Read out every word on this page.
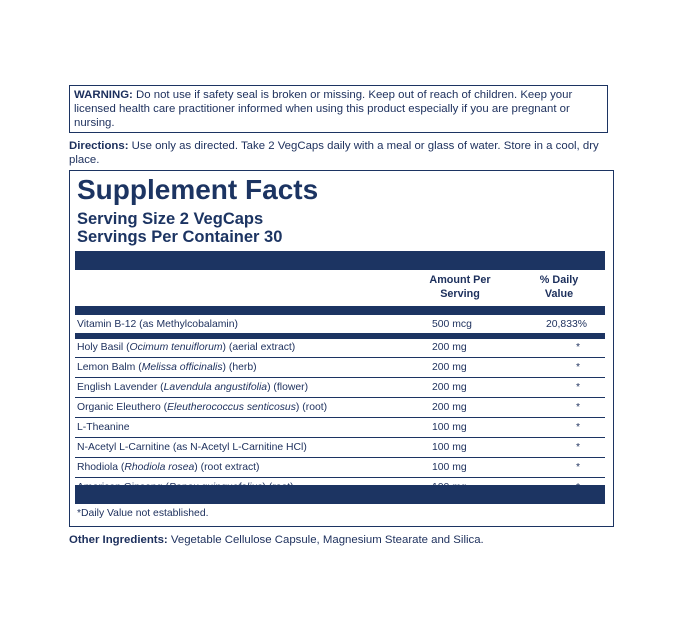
WARNING: Do not use if safety seal is broken or missing. Keep out of reach of children. Keep your licensed health care practitioner informed when using this product especially if you are pregnant or nursing.
Directions: Use only as directed. Take 2 VegCaps daily with a meal or glass of water. Store in a cool, dry place.
Supplement Facts
Serving Size 2 VegCaps
Servings Per Container 30
Amount Per
Serving
% Daily
Value
Vitamin B-12 (as Methylcobalamin)	500 mcg	20,833%
Holy Basil (Ocimum tenuiflorum) (aerial extract)	200 mg	*
Lemon Balm (Melissa officinalis) (herb)	200 mg	*
English Lavender (Lavendula angustifolia) (flower)	200 mg	*
Organic Eleuthero (Eleutherococcus senticosus) (root)	200 mg	*
L-Theanine	100 mg	*
N-Acetyl L-Carnitine (as N-Acetyl L-Carnitine HCl)	100 mg	*
Rhodiola (Rhodiola rosea) (root extract)	100 mg	*
*Daily Value not established.
Other Ingredients: Vegetable Cellulose Capsule, Magnesium Stearate and Silica.
